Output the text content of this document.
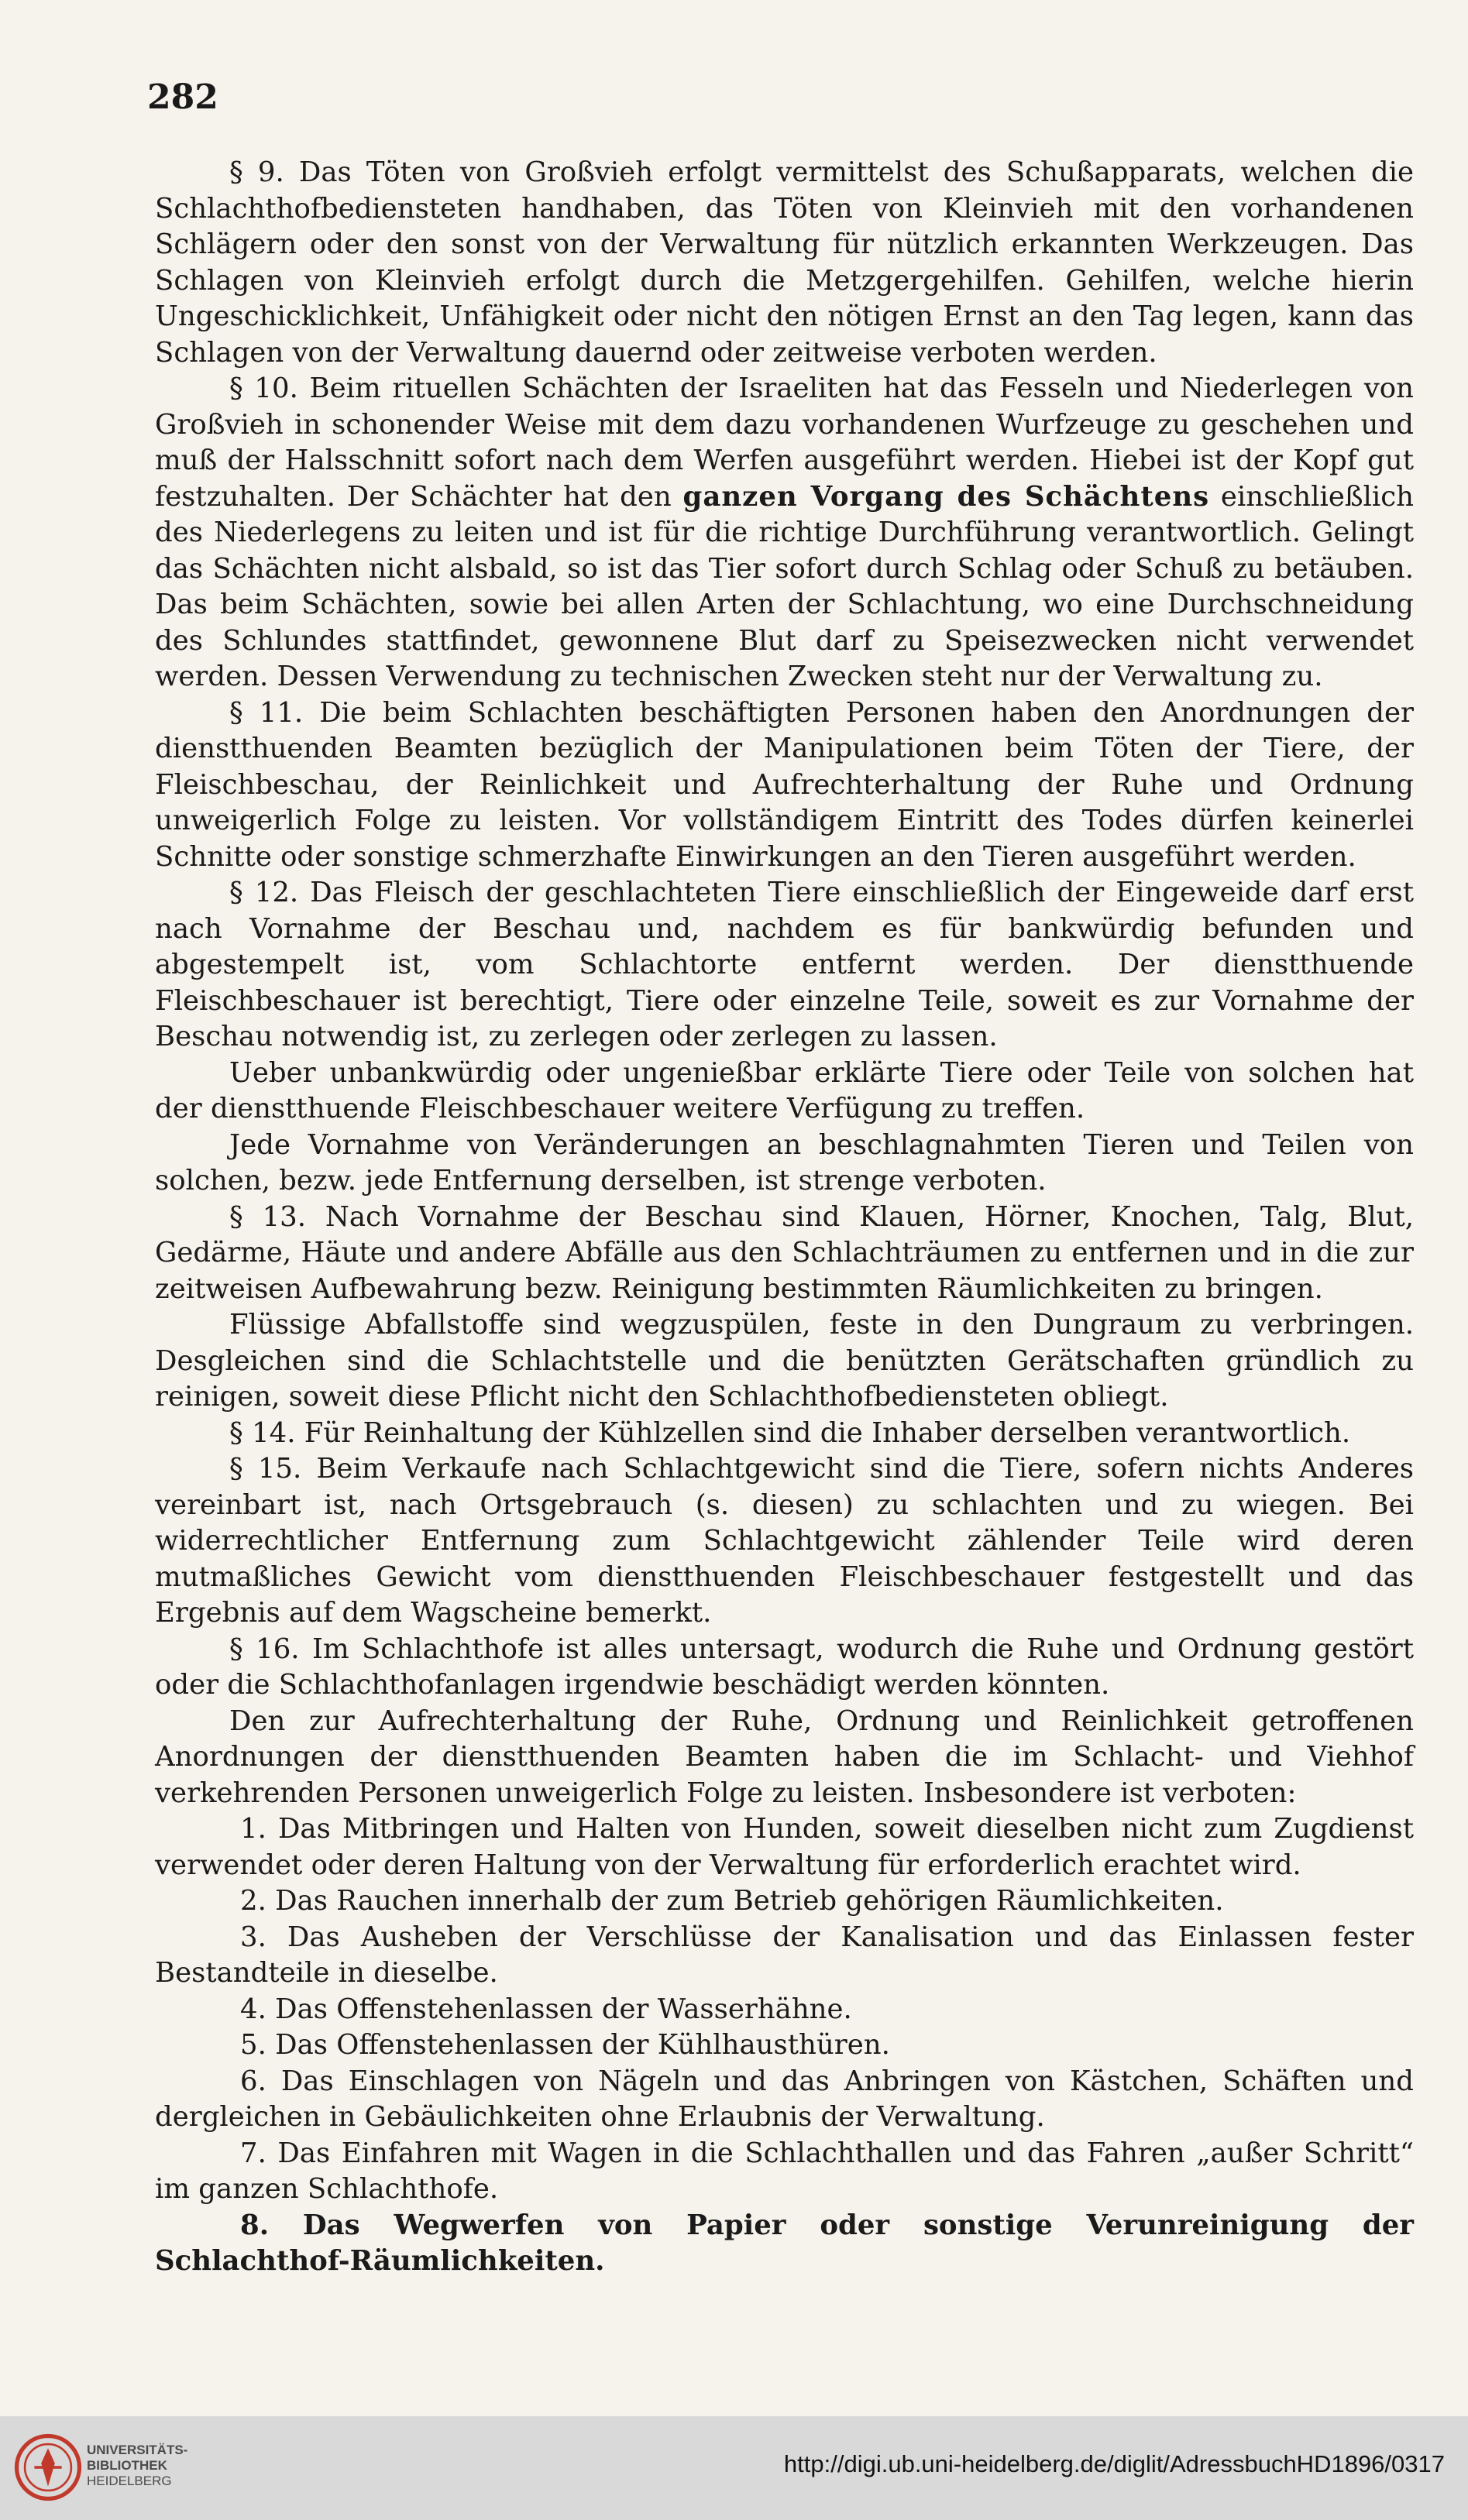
282

§ 9. Das Töten von Großvieh erfolgt vermittelst des Schußapparats, welchen die Schlachthofbediensteten handhaben, das Töten von Kleinvieh mit den vorhandenen Schlägern oder den sonst von der Verwaltung für nützlich erkannten Werkzeugen. Das Schlagen von Kleinvieh erfolgt durch die Metzgergehilfen. Gehilfen, welche hierin Ungeschicklichkeit, Unfähigkeit oder nicht den nötigen Ernst an den Tag legen, kann das Schlagen von der Verwaltung dauernd oder zeitweise verboten werden.

§ 10. Beim rituellen Schächten der Israeliten hat das Fesseln und Niederlegen von Großvieh in schonender Weise mit dem dazu vorhandenen Wurfzeuge zu geschehen und muß der Halsschnitt sofort nach dem Werfen ausgeführt werden. Hiebei ist der Kopf gut festzuhalten. Der Schächter hat den ganzen Vorgang des Schächtens einschließlich des Niederlegens zu leiten und ist für die richtige Durchführung verantwortlich. Gelingt das Schächten nicht alsbald, so ist das Tier sofort durch Schlag oder Schuß zu betäuben. Das beim Schächten, sowie bei allen Arten der Schlachtung, wo eine Durchschneidung des Schlundes stattfindet, gewonnene Blut darf zu Speisezwecken nicht verwendet werden. Dessen Verwendung zu technischen Zwecken steht nur der Verwaltung zu.

§ 11. Die beim Schlachten beschäftigten Personen haben den Anordnungen der dienstthuenden Beamten bezüglich der Manipulationen beim Töten der Tiere, der Fleischbeschau, der Reinlichkeit und Aufrechterhaltung der Ruhe und Ordnung unweigerlich Folge zu leisten. Vor vollständigem Eintritt des Todes dürfen keinerlei Schnitte oder sonstige schmerzhafte Einwirkungen an den Tieren ausgeführt werden.

§ 12. Das Fleisch der geschlachteten Tiere einschließlich der Eingeweide darf erst nach Vornahme der Beschau und, nachdem es für bankwürdig befunden und abgestempelt ist, vom Schlachtorte entfernt werden. Der dienstthuende Fleischbeschauer ist berechtigt, Tiere oder einzelne Teile, soweit es zur Vornahme der Beschau notwendig ist, zu zerlegen oder zerlegen zu lassen.

Ueber unbankwürdig oder ungenießbar erklärte Tiere oder Teile von solchen hat der dienstthuende Fleischbeschauer weitere Verfügung zu treffen.

Jede Vornahme von Veränderungen an beschlagnahmten Tieren und Teilen von solchen, bezw. jede Entfernung derselben, ist strenge verboten.

§ 13. Nach Vornahme der Beschau sind Klauen, Hörner, Knochen, Talg, Blut, Gedärme, Häute und andere Abfälle aus den Schlachträumen zu entfernen und in die zur zeitweisen Aufbewahrung bezw. Reinigung bestimmten Räumlichkeiten zu bringen.

Flüssige Abfallstoffe sind wegzuspülen, feste in den Dungraum zu verbringen. Desgleichen sind die Schlachtstelle und die benützten Gerätschaften gründlich zu reinigen, soweit diese Pflicht nicht den Schlachthofbediensteten obliegt.

§ 14. Für Reinhaltung der Kühlzellen sind die Inhaber derselben verantwortlich.

§ 15. Beim Verkaufe nach Schlachtgewicht sind die Tiere, sofern nichts Anderes vereinbart ist, nach Ortsgebrauch (s. diesen) zu schlachten und zu wiegen. Bei widerrechtlicher Entfernung zum Schlachtgewicht zählender Teile wird deren mutmaßliches Gewicht vom dienstthuenden Fleischbeschauer festgestellt und das Ergebnis auf dem Wagscheine bemerkt.

§ 16. Im Schlachthofe ist alles untersagt, wodurch die Ruhe und Ordnung gestört oder die Schlachthofanlagen irgendwie beschädigt werden könnten.

Den zur Aufrechterhaltung der Ruhe, Ordnung und Reinlichkeit getroffenen Anordnungen der dienstthuenden Beamten haben die im Schlacht- und Viehhof verkehrenden Personen unweigerlich Folge zu leisten. Insbesondere ist verboten:

1. Das Mitbringen und Halten von Hunden, soweit dieselben nicht zum Zugdienst verwendet oder deren Haltung von der Verwaltung für erforderlich erachtet wird.

2. Das Rauchen innerhalb der zum Betrieb gehörigen Räumlichkeiten.

3. Das Ausheben der Verschlüsse der Kanalisation und das Einlassen fester Bestandteile in dieselbe.

4. Das Offenstehenlassen der Wasserhähne.

5. Das Offenstehenlassen der Kühlhausthüren.

6. Das Einschlagen von Nägeln und das Anbringen von Kästchen, Schäften und dergleichen in Gebäulichkeiten ohne Erlaubnis der Verwaltung.

7. Das Einfahren mit Wagen in die Schlachthallen und das Fahren „außer Schritt“ im ganzen Schlachthofe.

8. Das Wegwerfen von Papier oder sonstige Verunreinigung der Schlachthof-Räumlichkeiten.

UNIVERSITÄTS-
BIBLIOTHEK
HEIDELBERG
http://digi.ub.uni-heidelberg.de/diglit/AdressbuchHD1896/0317
